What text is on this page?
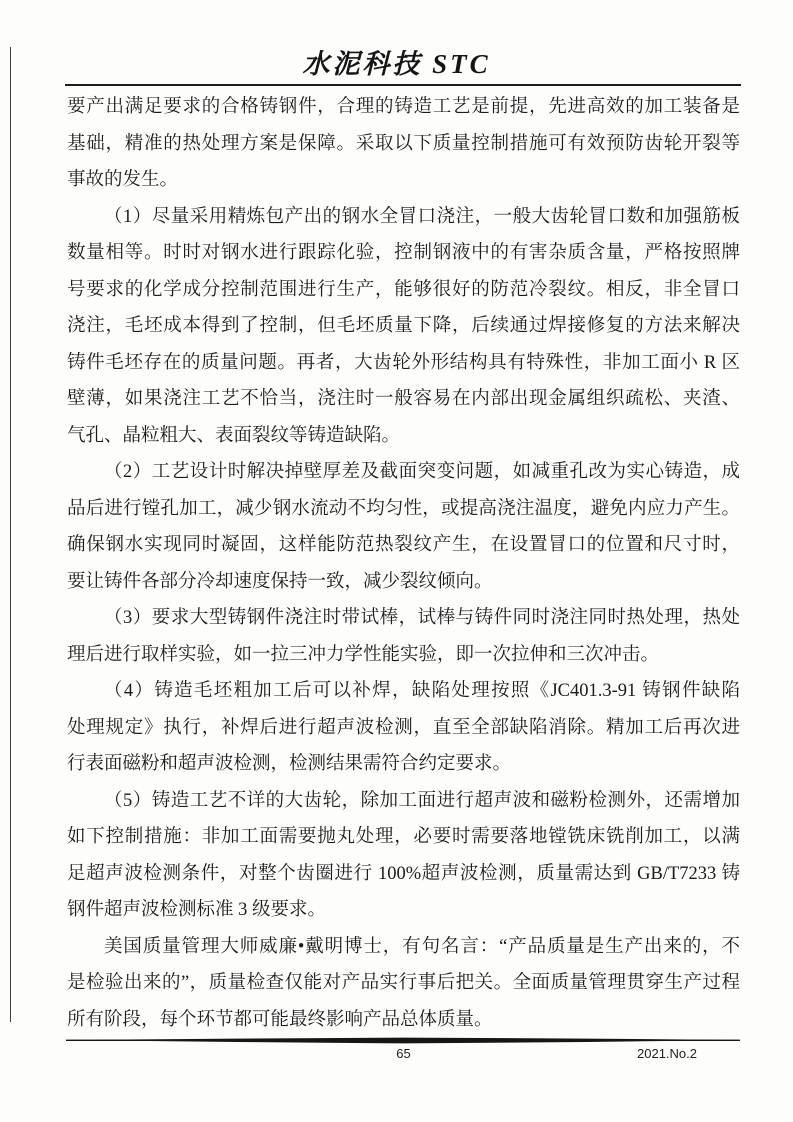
水泥科技 STC
要产出满足要求的合格铸钢件，合理的铸造工艺是前提，先进高效的加工装备是
基础，精准的热处理方案是保障。采取以下质量控制措施可有效预防齿轮开裂等
事故的发生。
（1）尽量采用精炼包产出的钢水全冒口浇注，一般大齿轮冒口数和加强筋板
数量相等。时时对钢水进行跟踪化验，控制钢液中的有害杂质含量，严格按照牌
号要求的化学成分控制范围进行生产，能够很好的防范冷裂纹。相反，非全冒口
浇注，毛坯成本得到了控制，但毛坯质量下降，后续通过焊接修复的方法来解决
铸件毛坯存在的质量问题。再者，大齿轮外形结构具有特殊性，非加工面小 R 区
壁薄，如果浇注工艺不恰当，浇注时一般容易在内部出现金属组织疏松、夹渣、
气孔、晶粒粗大、表面裂纹等铸造缺陷。
（2）工艺设计时解决掉壁厚差及截面突变问题，如减重孔改为实心铸造，成
品后进行镗孔加工，减少钢水流动不均匀性，或提高浇注温度，避免内应力产生。
确保钢水实现同时凝固，这样能防范热裂纹产生，在设置冒口的位置和尺寸时，
要让铸件各部分冷却速度保持一致，减少裂纹倾向。
（3）要求大型铸钢件浇注时带试棒，试棒与铸件同时浇注同时热处理，热处
理后进行取样实验，如一拉三冲力学性能实验，即一次拉伸和三次冲击。
（4）铸造毛坯粗加工后可以补焊，缺陷处理按照《JC401.3-91 铸钢件缺陷
处理规定》执行，补焊后进行超声波检测，直至全部缺陷消除。精加工后再次进
行表面磁粉和超声波检测，检测结果需符合约定要求。
（5）铸造工艺不详的大齿轮，除加工面进行超声波和磁粉检测外，还需增加
如下控制措施：非加工面需要抛丸处理，必要时需要落地镗铣床铣削加工，以满
足超声波检测条件，对整个齿圈进行 100%超声波检测，质量需达到 GB/T7233 铸
钢件超声波检测标准 3 级要求。
美国质量管理大师威廉•戴明博士，有句名言：“产品质量是生产出来的，不
是检验出来的”，质量检查仅能对产品实行事后把关。全面质量管理贯穿生产过程
所有阶段，每个环节都可能最终影响产品总体质量。
65	2021.No.2
